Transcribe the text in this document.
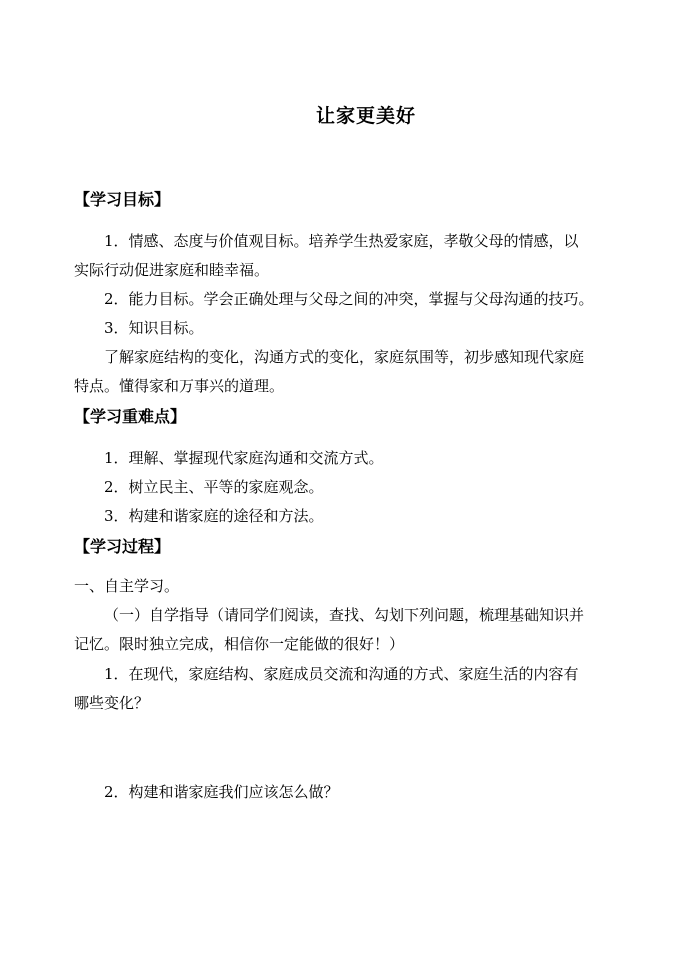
让家更美好
【学习目标】
1．情感、态度与价值观目标。培养学生热爱家庭，孝敬父母的情感，以
实际行动促进家庭和睦幸福。
2．能力目标。学会正确处理与父母之间的冲突，掌握与父母沟通的技巧。
3．知识目标。
了解家庭结构的变化，沟通方式的变化，家庭氛围等，初步感知现代家庭
特点。懂得家和万事兴的道理。
【学习重难点】
1．理解、掌握现代家庭沟通和交流方式。
2．树立民主、平等的家庭观念。
3．构建和谐家庭的途径和方法。
【学习过程】
一、自主学习。
（一）自学指导（请同学们阅读，查找、勾划下列问题，梳理基础知识并
记忆。限时独立完成，相信你一定能做的很好！）
1．在现代，家庭结构、家庭成员交流和沟通的方式、家庭生活的内容有
哪些变化？
2．构建和谐家庭我们应该怎么做？
